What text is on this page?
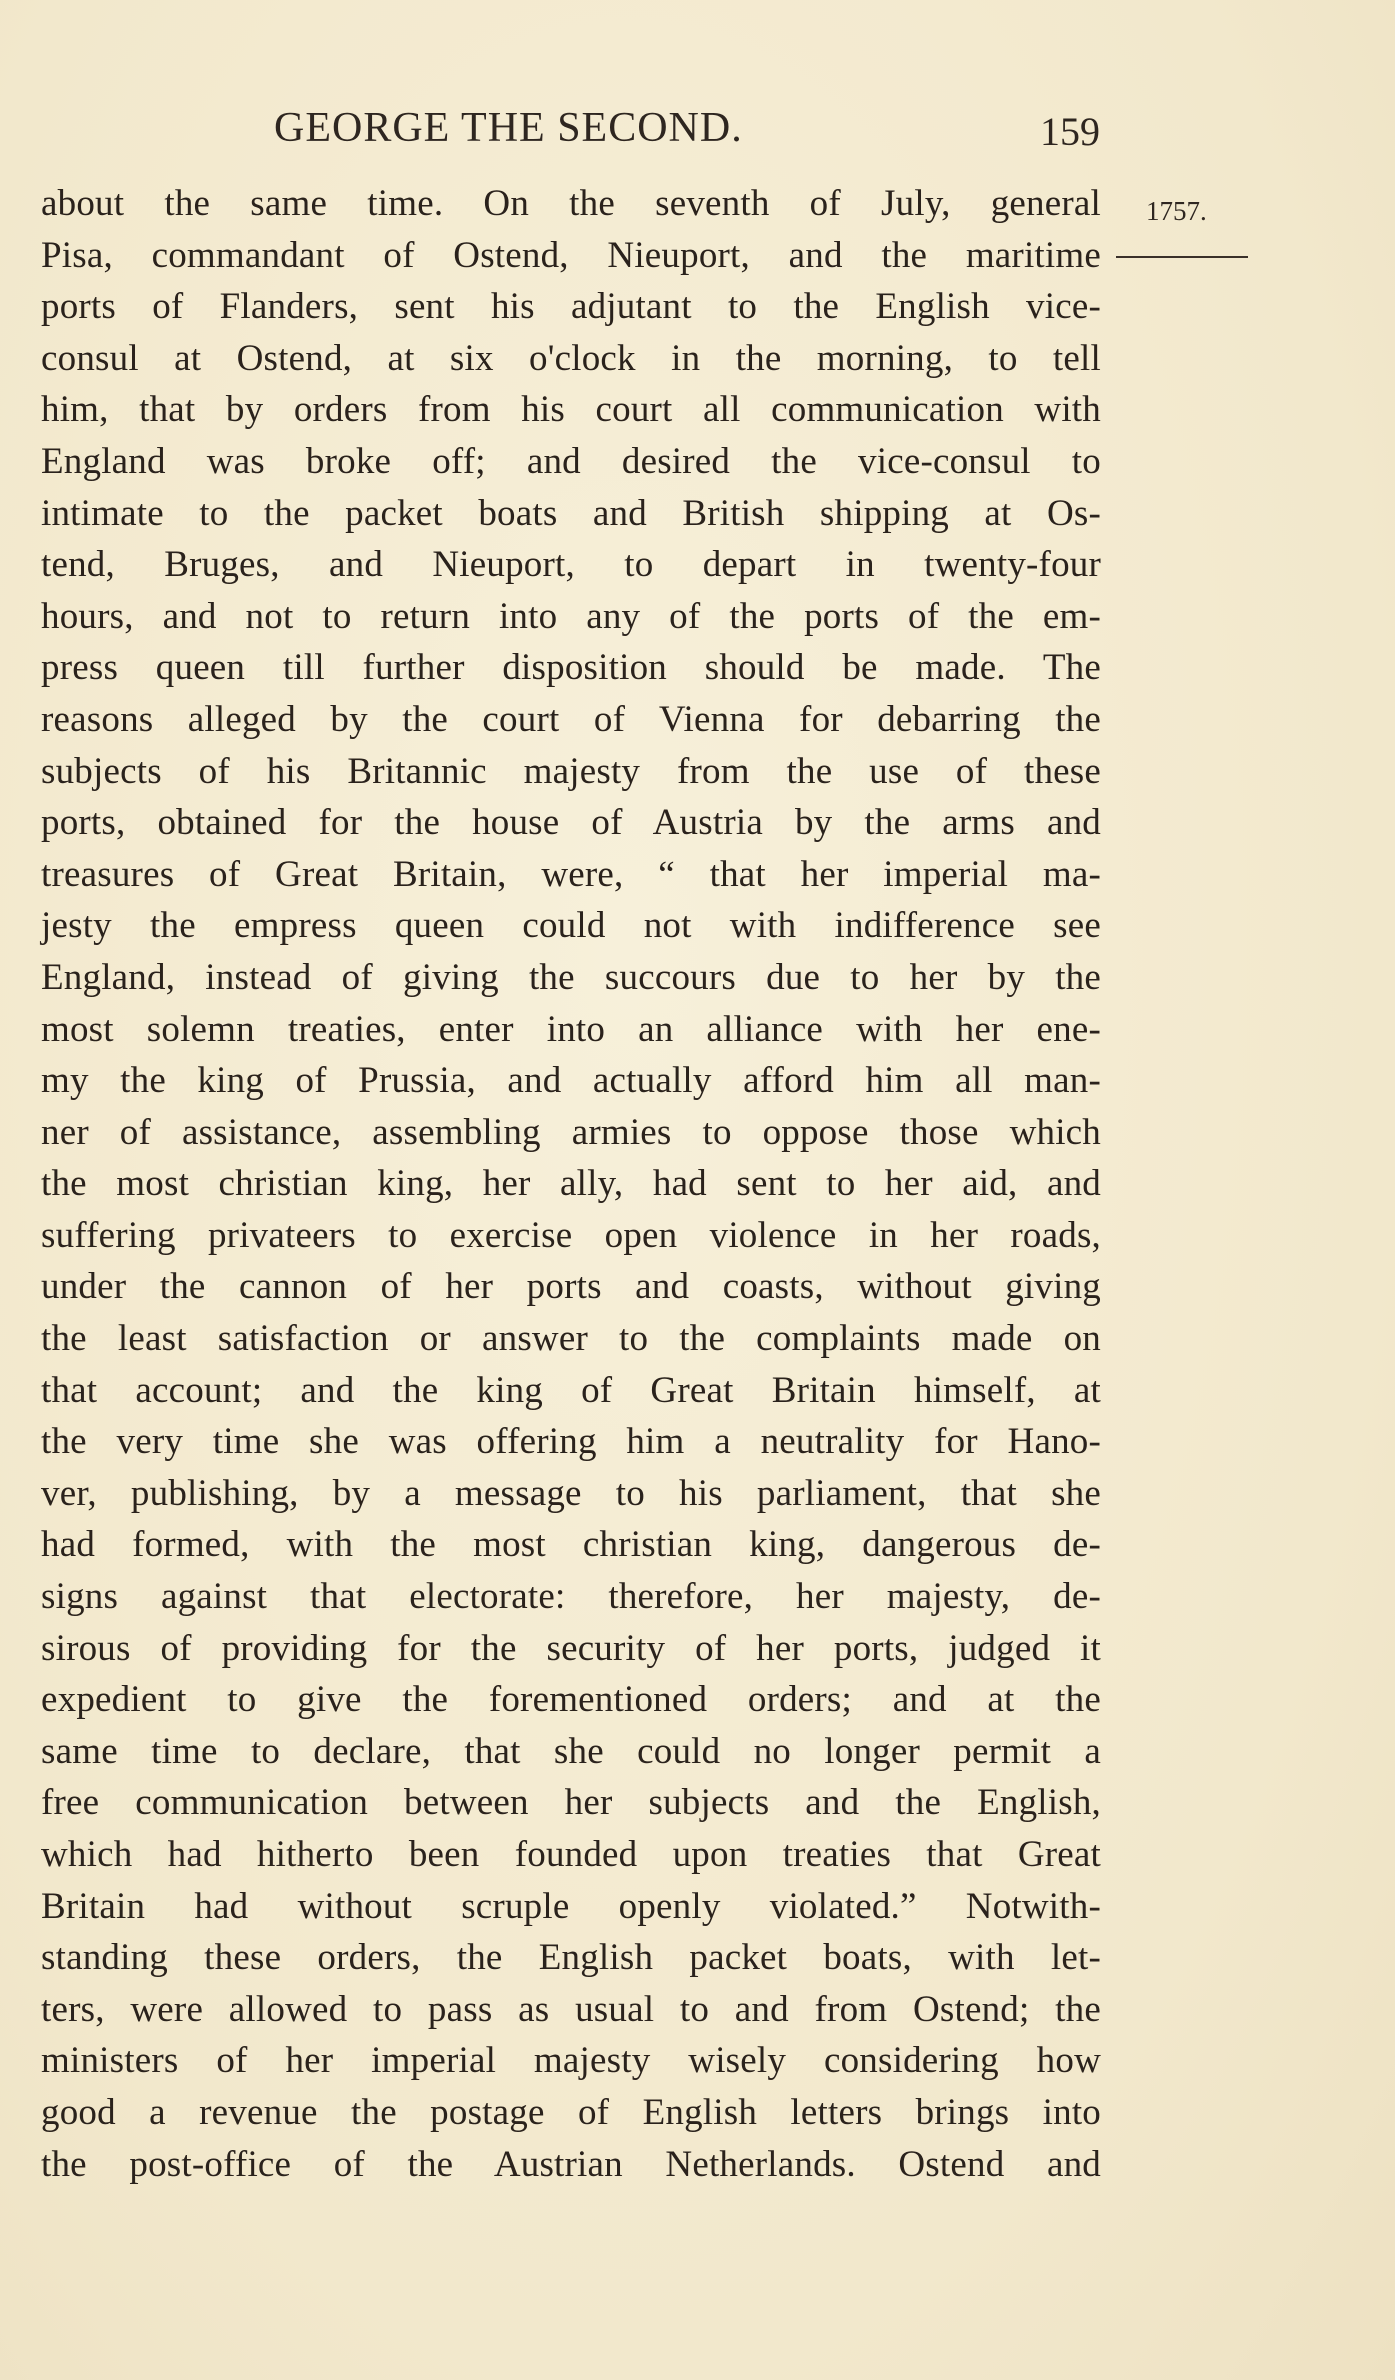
GEORGE THE SECOND.	159
1757.
about the same time. On the seventh of July, general
Pisa, commandant of Ostend, Nieuport, and the maritime
ports of Flanders, sent his adjutant to the English vice-
consul at Ostend, at six o'clock in the morning, to tell
him, that by orders from his court all communication with
England was broke off; and desired the vice-consul to
intimate to the packet boats and British shipping at Os-
tend, Bruges, and Nieuport, to depart in twenty-four
hours, and not to return into any of the ports of the em-
press queen till further disposition should be made. The
reasons alleged by the court of Vienna for debarring the
subjects of his Britannic majesty from the use of these
ports, obtained for the house of Austria by the arms and
treasures of Great Britain, were, “ that her imperial ma-
jesty the empress queen could not with indifference see
England, instead of giving the succours due to her by the
most solemn treaties, enter into an alliance with her ene-
my the king of Prussia, and actually afford him all man-
ner of assistance, assembling armies to oppose those which
the most christian king, her ally, had sent to her aid, and
suffering privateers to exercise open violence in her roads,
under the cannon of her ports and coasts, without giving
the least satisfaction or answer to the complaints made on
that account; and the king of Great Britain himself, at
the very time she was offering him a neutrality for Hano-
ver, publishing, by a message to his parliament, that she
had formed, with the most christian king, dangerous de-
signs against that electorate: therefore, her majesty, de-
sirous of providing for the security of her ports, judged it
expedient to give the forementioned orders; and at the
same time to declare, that she could no longer permit a
free communication between her subjects and the English,
which had hitherto been founded upon treaties that Great
Britain had without scruple openly violated.” Notwith-
standing these orders, the English packet boats, with let-
ters, were allowed to pass as usual to and from Ostend; the
ministers of her imperial majesty wisely considering how
good a revenue the postage of English letters brings into
the post-office of the Austrian Netherlands. Ostend and
